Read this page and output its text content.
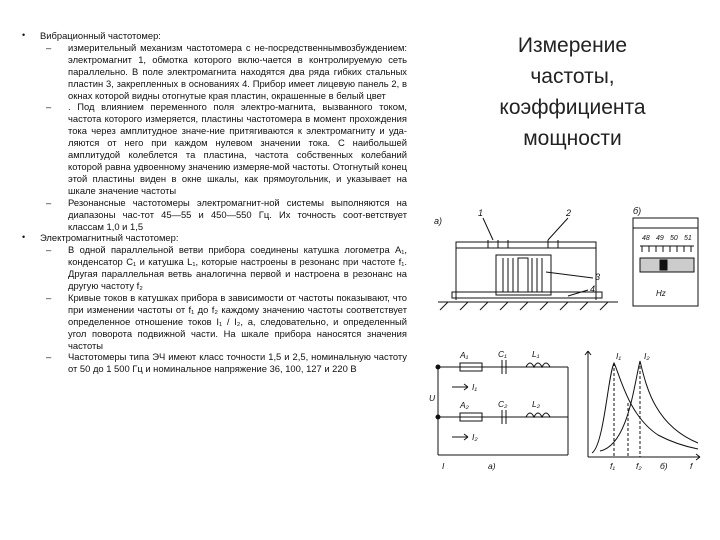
• Вибрационный частотомер:
– измерительный механизм частотомера с не-посредственнымвозбуждением: электромагнит 1, обмотка которого вклю-чается в контролируемую сеть параллельно. В поле электромагнита находятся два ряда гибких стальных пластин 3, закрепленных в основаниях 4. Прибор имеет лицевую панель 2, в окнах которой видны отогнутые края пластин, окрашенные в белый цвет
– . Под влиянием переменного поля электро-магнита, вызванного током, частота которого измеряется, пластины частотомера в момент прохождения тока через амплитудное значе-ние притягиваются к электромагниту и уда-ляются от него при каждом нулевом значении тока. С наибольшей амплитудой колеблется та пластина, частота собственных колебаний которой равна удвоенному значению измеряе-мой частоты. Отогнутый конец этой пластины виден в окне шкалы, как прямоугольник, и указывает на шкале значение частоты
– Резонансные частотомеры электромагнит-ной системы выполняются на диапазоны час-тот 45—55 и 450—550 Гц. Их точность соот-ветствует классам 1,0 и 1,5
• Электромагнитный частотомер:
– В одной параллельной ветви прибора соединены катушка логометра A₁, конденсатор C₁ и катушка L₁, которые настроены в резонанс при частоте f₁. Другая параллельная ветвь аналогична первой и настроена в резонанс на другую частоту f₂
– Кривые токов в катушках прибора в зависимости от частоты показывают, что при изменении частоты от f₁ до f₂ каждому значению частоты соответствует определенное отношение токов I₁ / I₂, а, следовательно, и определенный угол поворота подвижной части. На шкале прибора наносятся значения частоты
– Частотомеры типа ЭЧ имеют класс точности 1,5 и 2,5, номинальную частоту от 50 до 1 500 Гц и номинальное напряжение 36, 100, 127 и 220 В
Измерение
частоты,
коэффициента
мощности
а)
1	2
3
4
б)
48 49 50 51
Hz
A₁	C₁	L₁
I₁
A₂	C₂	L₂
I₂
U
I	а)
I₁	I₂
f₁ f₂	f
б)
